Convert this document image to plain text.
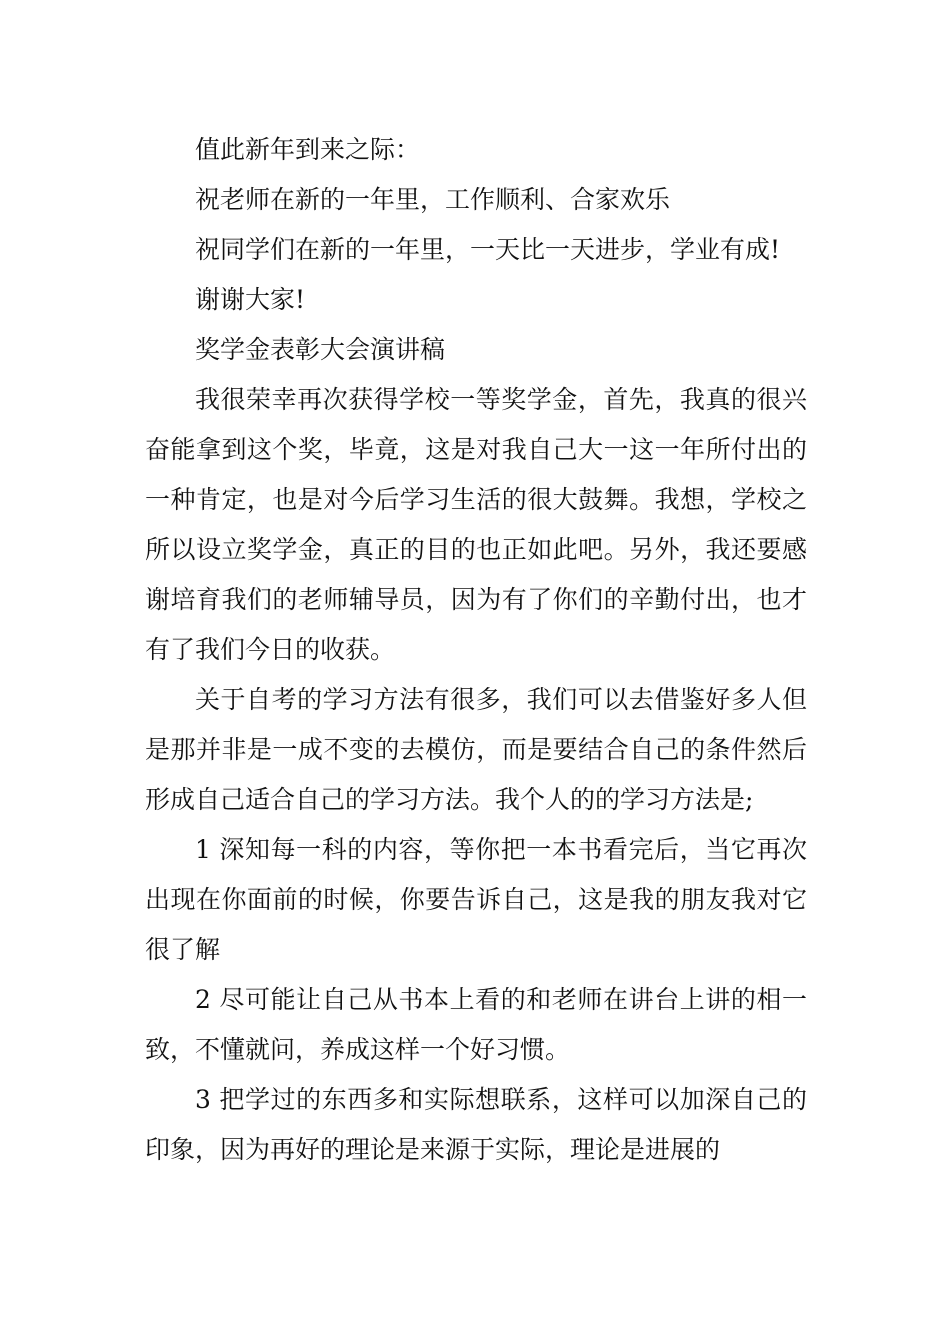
值此新年到来之际：

祝老师在新的一年里，工作顺利、合家欢乐

祝同学们在新的一年里，一天比一天进步，学业有成!

谢谢大家!

奖学金表彰大会演讲稿

我很荣幸再次获得学校一等奖学金，首先，我真的很兴奋能拿到这个奖，毕竟，这是对我自己大一这一年所付出的一种肯定，也是对今后学习生活的很大鼓舞。我想，学校之所以设立奖学金，真正的目的也正如此吧。另外，我还要感谢培育我们的老师辅导员，因为有了你们的辛勤付出，也才有了我们今日的收获。

关于自考的学习方法有很多，我们可以去借鉴好多人但是那并非是一成不变的去模仿，而是要结合自己的条件然后形成自己适合自己的学习方法。我个人的的学习方法是;

1 深知每一科的内容，等你把一本书看完后，当它再次出现在你面前的时候，你要告诉自己，这是我的朋友我对它很了解

2 尽可能让自己从书本上看的和老师在讲台上讲的相一致，不懂就问，养成这样一个好习惯。

3 把学过的东西多和实际想联系，这样可以加深自己的印象，因为再好的理论是来源于实际，理论是进展的
